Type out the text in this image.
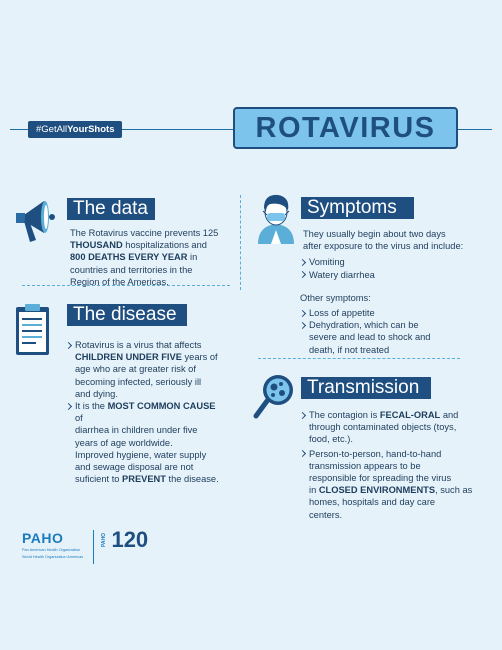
#GetAllYourShots	ROTAVIRUS
The data
The Rotavirus vaccine prevents 125
THOUSAND hospitalizations and
800 DEATHS EVERY YEAR in
countries and territories in the
Region of the Americas.
The disease
Rotavirus is a virus that affects
CHILDREN UNDER FIVE years of
age who are at greater risk of
becoming infected, seriously ill
and dying.
It is the MOST COMMON CAUSE
of
diarrhea in children under five
years of age worldwide.
Improved hygiene, water supply
and sewage disposal are not
suficient to PREVENT the disease.
Symptoms
They usually begin about two days
after exposure to the virus and include:
Vomiting
Watery diarrhea
Other symptoms:
Loss of appetite
Dehydration, which can be
severe and lead to shock and
death, if not treated
Transmission
The contagion is FECAL-ORAL and
through contaminated objects (toys,
food, etc.).
Person-to-person, hand-to-hand
transmission appears to be
responsible for spreading the virus
in CLOSED ENVIRONMENTS, such as
homes, hospitals and day care
centers.
PAHO
Pan American Health Organization
World Health Organization Americas
PAHO 120
